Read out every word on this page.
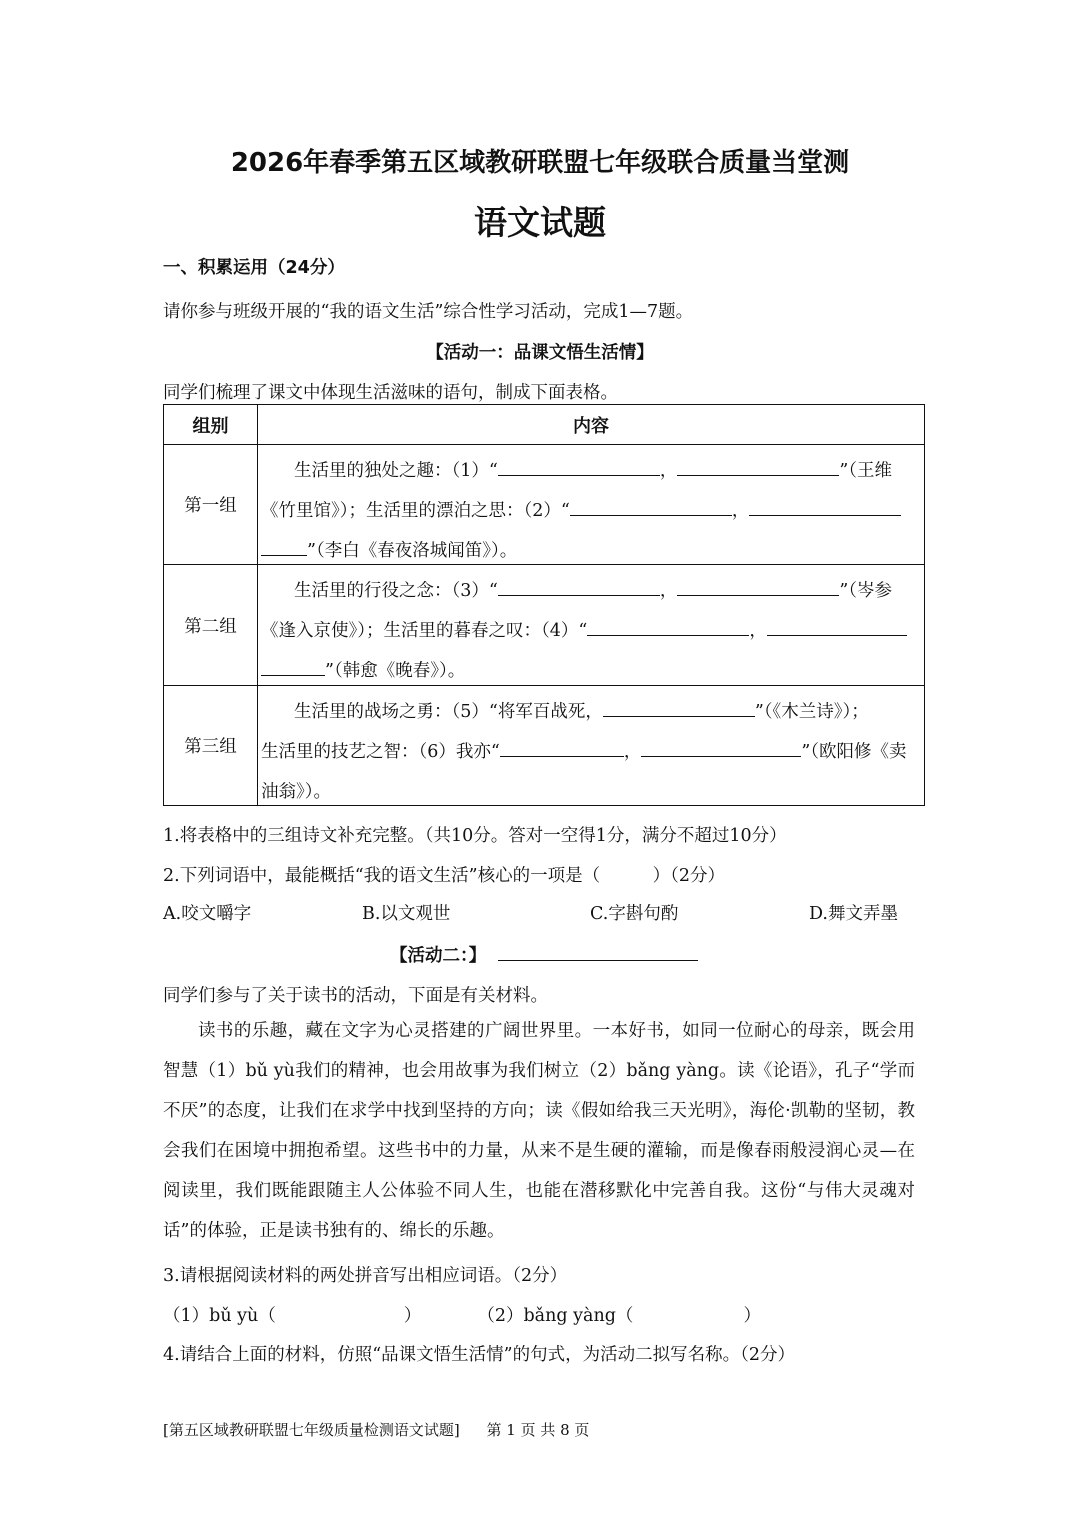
2026年春季第五区域教研联盟七年级联合质量当堂测
语文试题
一、积累运用（24分）
请你参与班级开展的“我的语文生活”综合性学习活动，完成1—7题。
【活动一：品课文悟生活情】
同学们梳理了课文中体现生活滋味的语句，制成下面表格。
组别	内容
第一组	生活里的独处之趣：（1）“ ， ”（王维
《竹里馆》）；生活里的漂泊之思：（2）“ ，
”（李白《春夜洛城闻笛》）。

第二组	生活里的行役之念：（3）“ ， ”（岑参
《逢入京使》）；生活里的暮春之叹：（4）“ ，
”（韩愈《晚春》）。

第三组	生活里的战场之勇：（5）“将军百战死， ”（《木兰诗》）；
生活里的技艺之智：（6）我亦“ ， ”（欧阳修《卖
油翁》）。
1.将表格中的三组诗文补充完整。（共10分。答对一空得1分，满分不超过10分）
2.下列词语中，最能概括“我的语文生活”核心的一项是（　　　）（2分）
A.咬文嚼字	B.以文观世	C.字斟句酌	D.舞文弄墨
【活动二：】
同学们参与了关于读书的活动，下面是有关材料。
读书的乐趣，藏在文字为心灵搭建的广阔世界里。一本好书，如同一位耐心的母亲，既会用智慧（1）bǔ yù我们的精神，也会用故事为我们树立（2）bǎng yàng。读《论语》，孔子“学而不厌”的态度，让我们在求学中找到坚持的方向；读《假如给我三天光明》，海伦·凯勒的坚韧，教会我们在困境中拥抱希望。这些书中的力量，从来不是生硬的灌输，而是像春雨般浸润心灵—在阅读里，我们既能跟随主人公体验不同人生，也能在潜移默化中完善自我。这份“与伟大灵魂对话”的体验，正是读书独有的、绵长的乐趣。
3.请根据阅读材料的两处拼音写出相应词语。（2分）
（1）bǔ yù（	）	（2）bǎng yàng（	）
4.请结合上面的材料，仿照“品课文悟生活情”的句式，为活动二拟写名称。（2分）
[第五区域教研联盟七年级质量检测语文试题] 第 1 页 共 8 页
